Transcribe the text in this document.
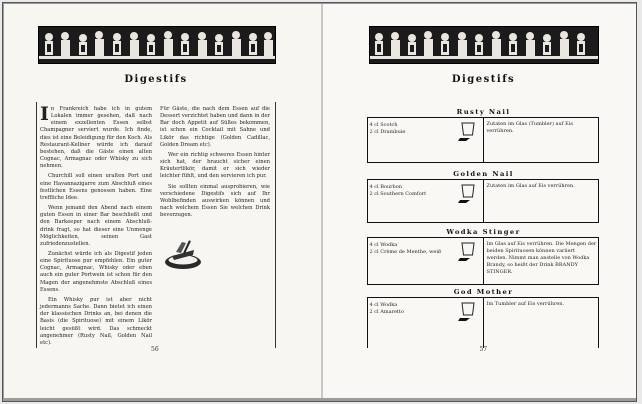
Digestifs

In Frankreich habe ich in gutem Lokalen immer gesehen, daß nach einem exzellenten Essen selbst Champagner serviert wurde. Ich finde, dies ist eine Beleidigung für den Koch. Als Restaurant-Kellner würde ich darauf bestehen, daß die Gäste einen alten Cognac, Armagnac oder Whisky zu sich nehmen.

Churchill soll einen uralten Port und eine Havannazigarre zum Abschluß eines festlichen Essens genossen haben. Eine treffliche Idee.

Wenn jemand den Abend nach einem guten Essen in einer Bar beschließt und den Barkeeper nach einem Abschluß-drink fragt, so hat dieser eine Unmenge Möglichkeiten, seinen Gast zufriedenzustellen.

Zunächst würde ich als Digestif jeden eine Spirituose pur empfehlen. Ein guter Cognac, Armagnac, Whisky oder eben auch ein guter Portwein ist schon für den Magen der angenehmste Abschluß eines Essens.

Ein Whisky pur ist aber nicht jedermanns Sache. Dann bietet ich einen der klassischen Drinks an, bei denen die Basis (die Spirituose) mit einem Likör leicht gesüßt wird. Das schmeckt angenehmer (Rusty Nail, Golden Nail etc).

Für Gäste, die nach dem Essen auf die Dessert verzichtet haben und dann in der Bar doch Appetit auf Süßes bekommen, ist schon ein Cocktail mit Sahne und Likör das richtige (Golden Cadillac, Golden Dream etc).

Wer ein richtig schweres Essen hinter sich hat, der braucht sicher einen Kräutertlikör, damit er sich wieder leichter fühlt, und den servieren ich pur.

Sie sollten einmal ausprobieren, wie verschiedene Digestifs sich auf Ihr Wohlbefinden auswirken können und nach welchem Essen Sie welchen Drink bevorzugen.

56
Digestifs
Rusty Nail
4 cl Scotch
2 cl Drambuie
Zutaten im Glas (Tumbler) auf Eis verrühren.
Golden Nail
4 cl Bourbon
2 cl Southern Comfort
Zutaten im Glas auf Eis verrühren.
Wodka Stinger
4 cl Wodka
2 cl Crème de Menthe, weiß
Im Glas auf Eis verrühren. Die Mengen der beiden Spirituosen können variiert werden. Nimmt man anstelle von Wodka Brandy, so heißt der Drink BRANDY STINGER.
God Mother
4 cl Wodka
2 cl Amaretto
Im Tumbler auf Eis verrühren.
57
